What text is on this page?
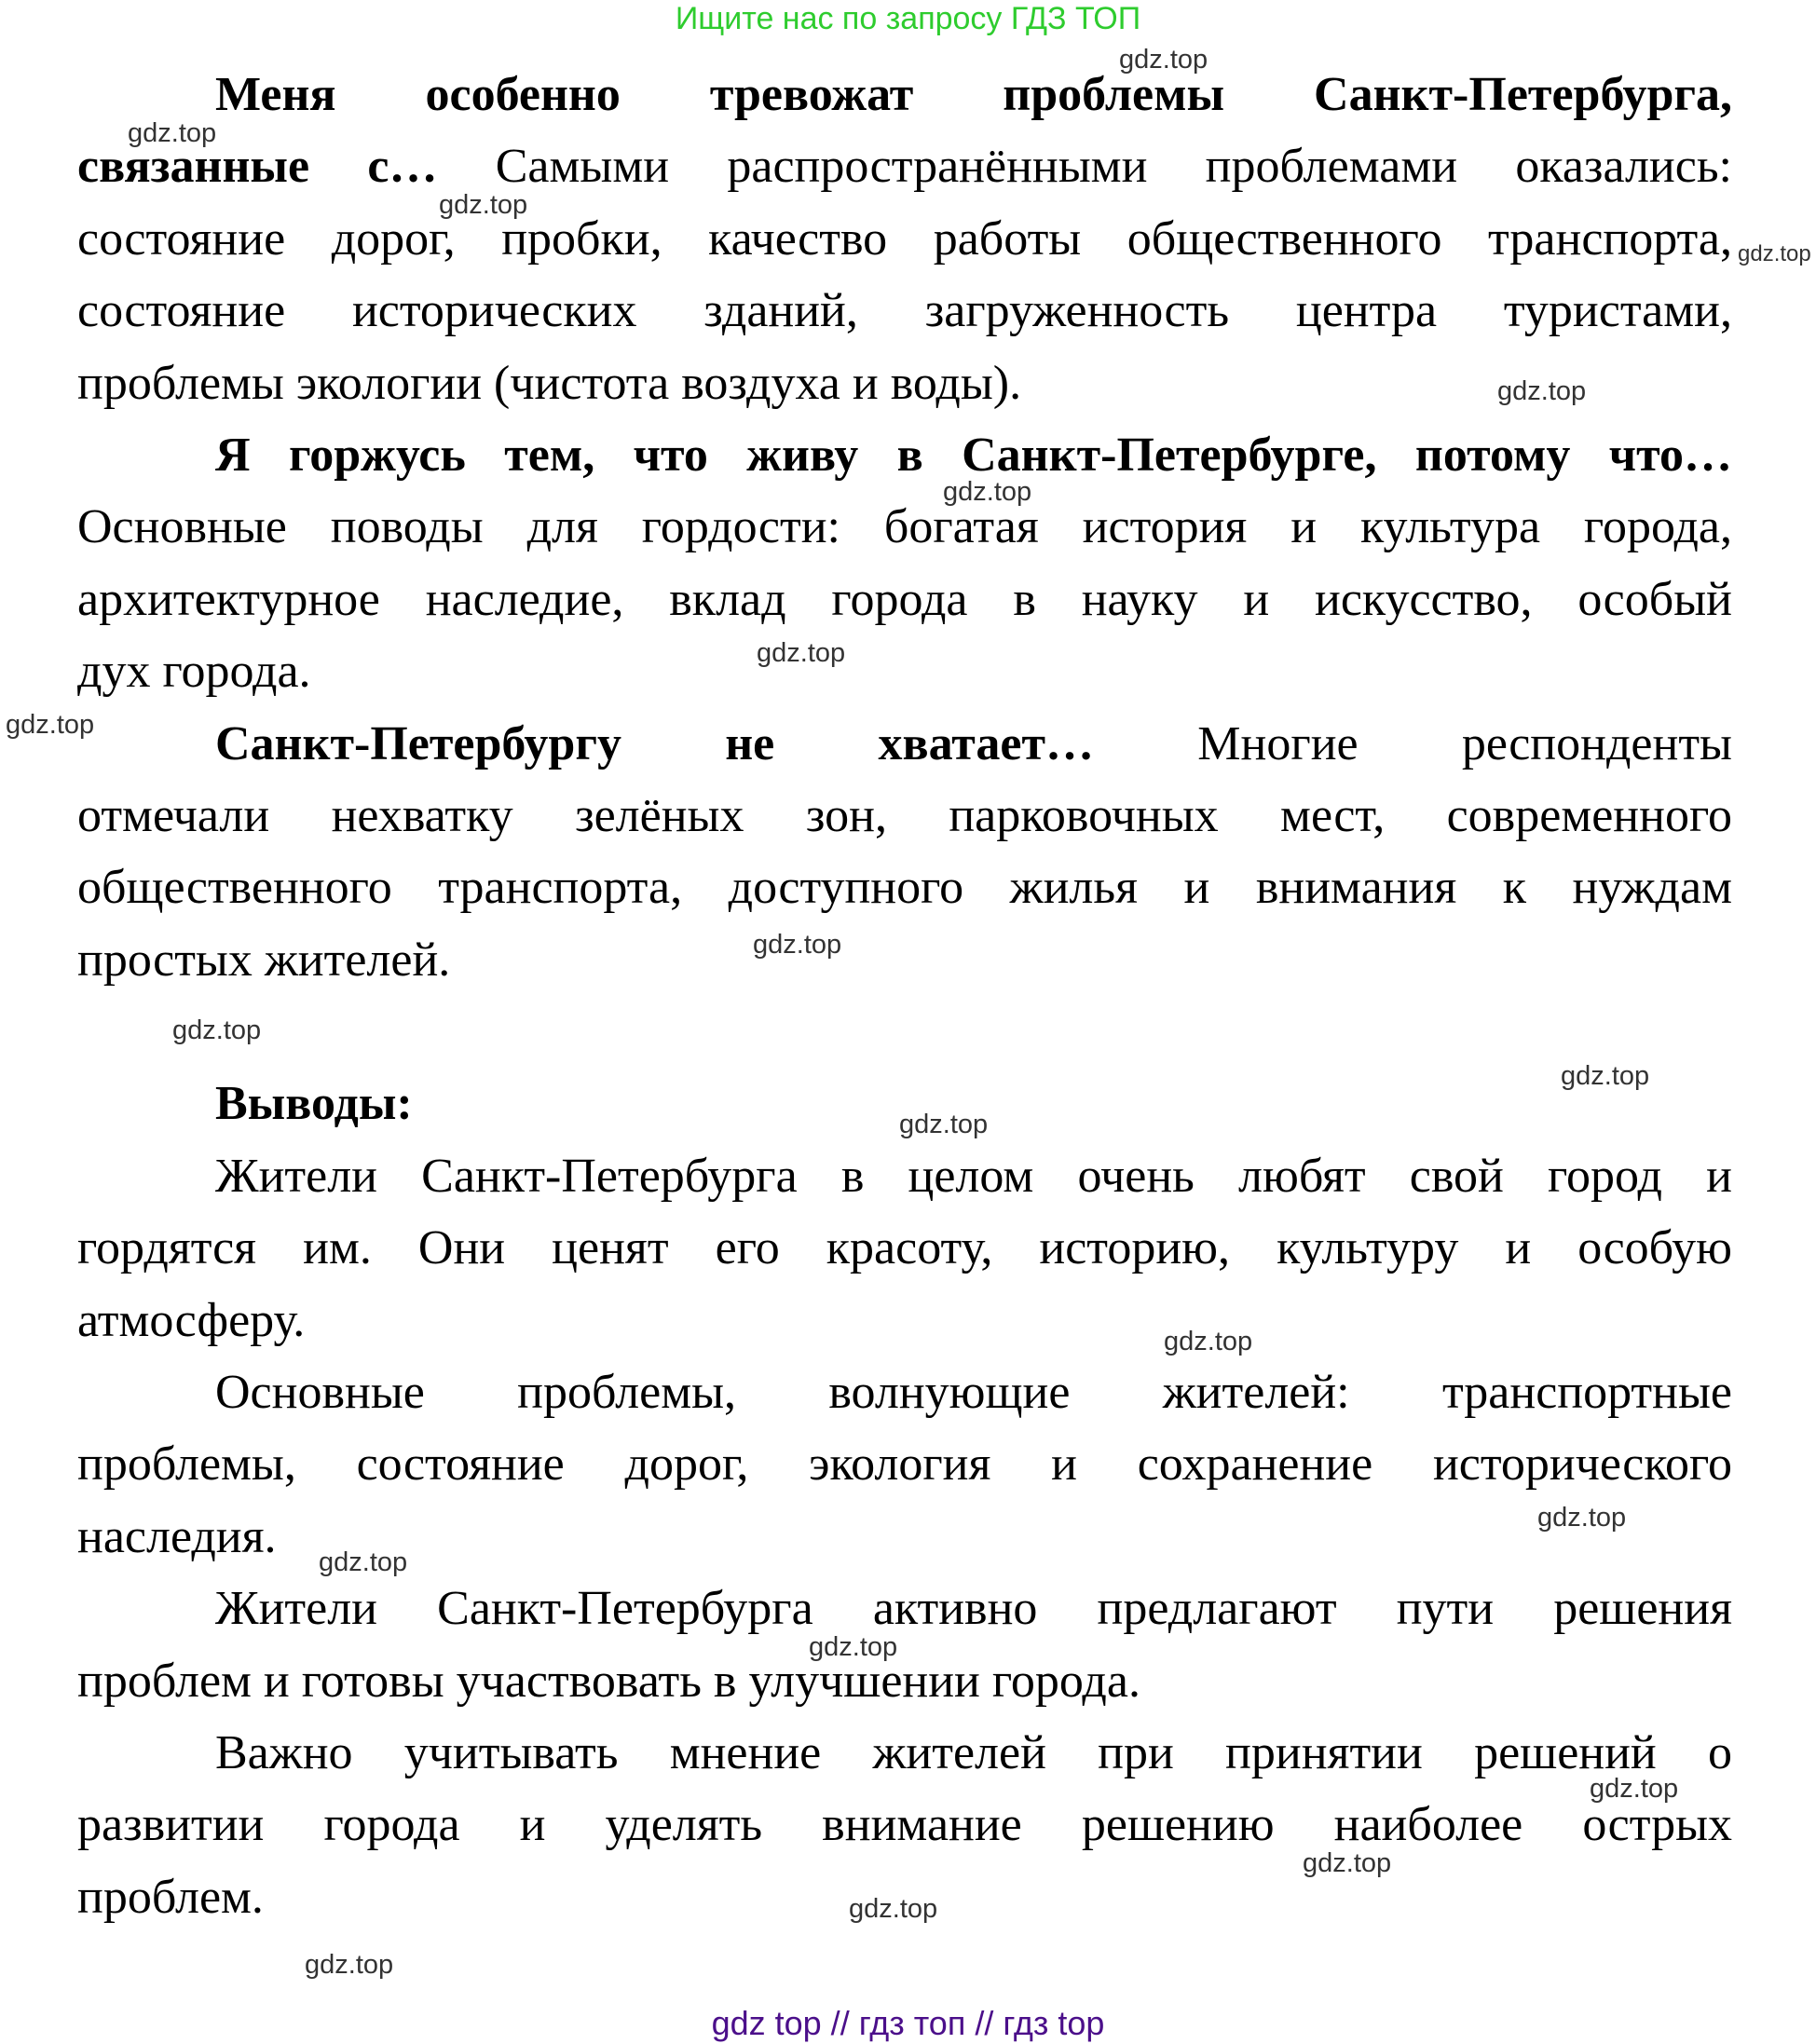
Ищите нас по запросу ГДЗ ТОП
Меня особенно тревожат проблемы Санкт-Петербурга,
связанные с… Самыми распространёнными проблемами оказались:
состояние дорог, пробки, качество работы общественного транспорта,
состояние исторических зданий, загруженность центра туристами,
проблемы экологии (чистота воздуха и воды).
Я горжусь тем, что живу в Санкт-Петербурге, потому что…
Основные поводы для гордости: богатая история и культура города,
архитектурное наследие, вклад города в науку и искусство, особый
дух города.
Санкт-Петербургу не хватает… Многие респонденты
отмечали нехватку зелёных зон, парковочных мест, современного
общественного транспорта, доступного жилья и внимания к нуждам
простых жителей.
Выводы:
Жители Санкт-Петербурга в целом очень любят свой город и
гордятся им. Они ценят его красоту, историю, культуру и особую
атмосферу.
Основные проблемы, волнующие жителей: транспортные
проблемы, состояние дорог, экология и сохранение исторического
наследия.
Жители Санкт-Петербурга активно предлагают пути решения
проблем и готовы участвовать в улучшении города.
Важно учитывать мнение жителей при принятии решений о
развитии города и уделять внимание решению наиболее острых
проблем.
gdz.top
gdz.top
gdz.top
gdz.top
gdz.top
gdz.top
gdz.top
gdz.top
gdz.top
gdz.top
gdz.top
gdz.top
gdz.top
gdz.top
gdz.top
gdz.top
gdz.top
gdz.top
gdz.top
gdz.top
gdz top // гдз топ // гдз top
